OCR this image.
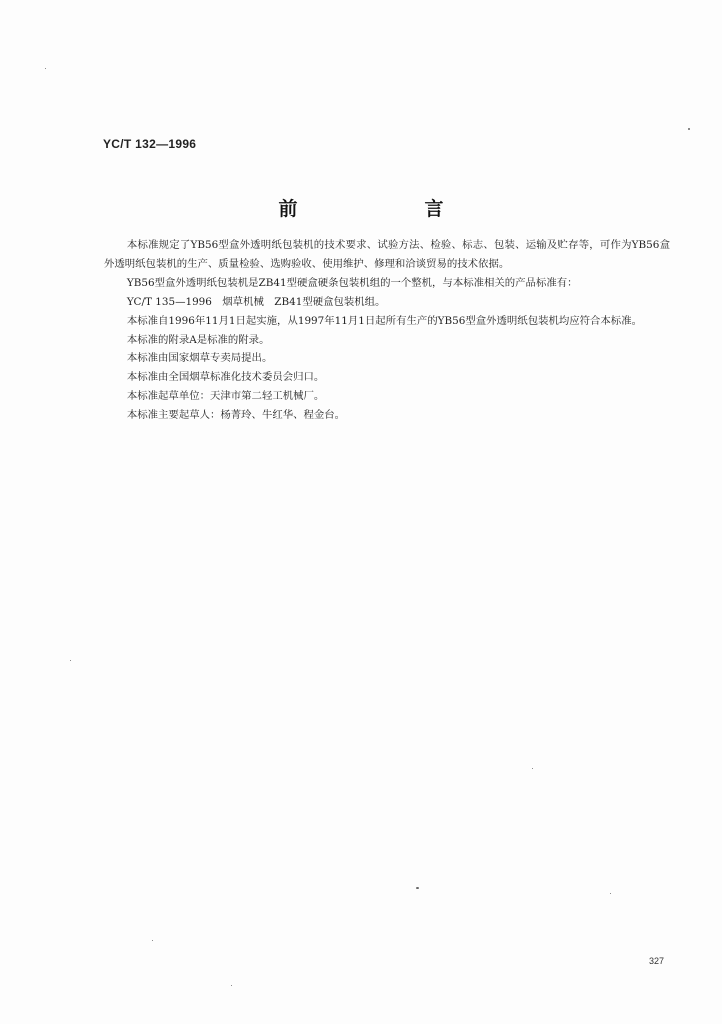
YC/T 132—1996
前　言

本标准规定了YB56型盒外透明纸包装机的技术要求、试验方法、检验、标志、包装、运输及贮存等，可作为YB56盒外透明纸包装机的生产、质量检验、选购验收、使用维护、修理和洽谈贸易的技术依据。

YB56型盒外透明纸包装机是ZB41型硬盒硬条包装机组的一个整机，与本标准相关的产品标准有：

YC/T 135—1996　烟草机械　ZB41型硬盒包装机组。

本标准自1996年11月1日起实施，从1997年11月1日起所有生产的YB56型盒外透明纸包装机均应符合本标准。

本标准的附录A是标准的附录。

本标准由国家烟草专卖局提出。

本标准由全国烟草标准化技术委员会归口。

本标准起草单位：天津市第二轻工机械厂。

本标准主要起草人：杨菁玲、牛红华、程金台。

327
